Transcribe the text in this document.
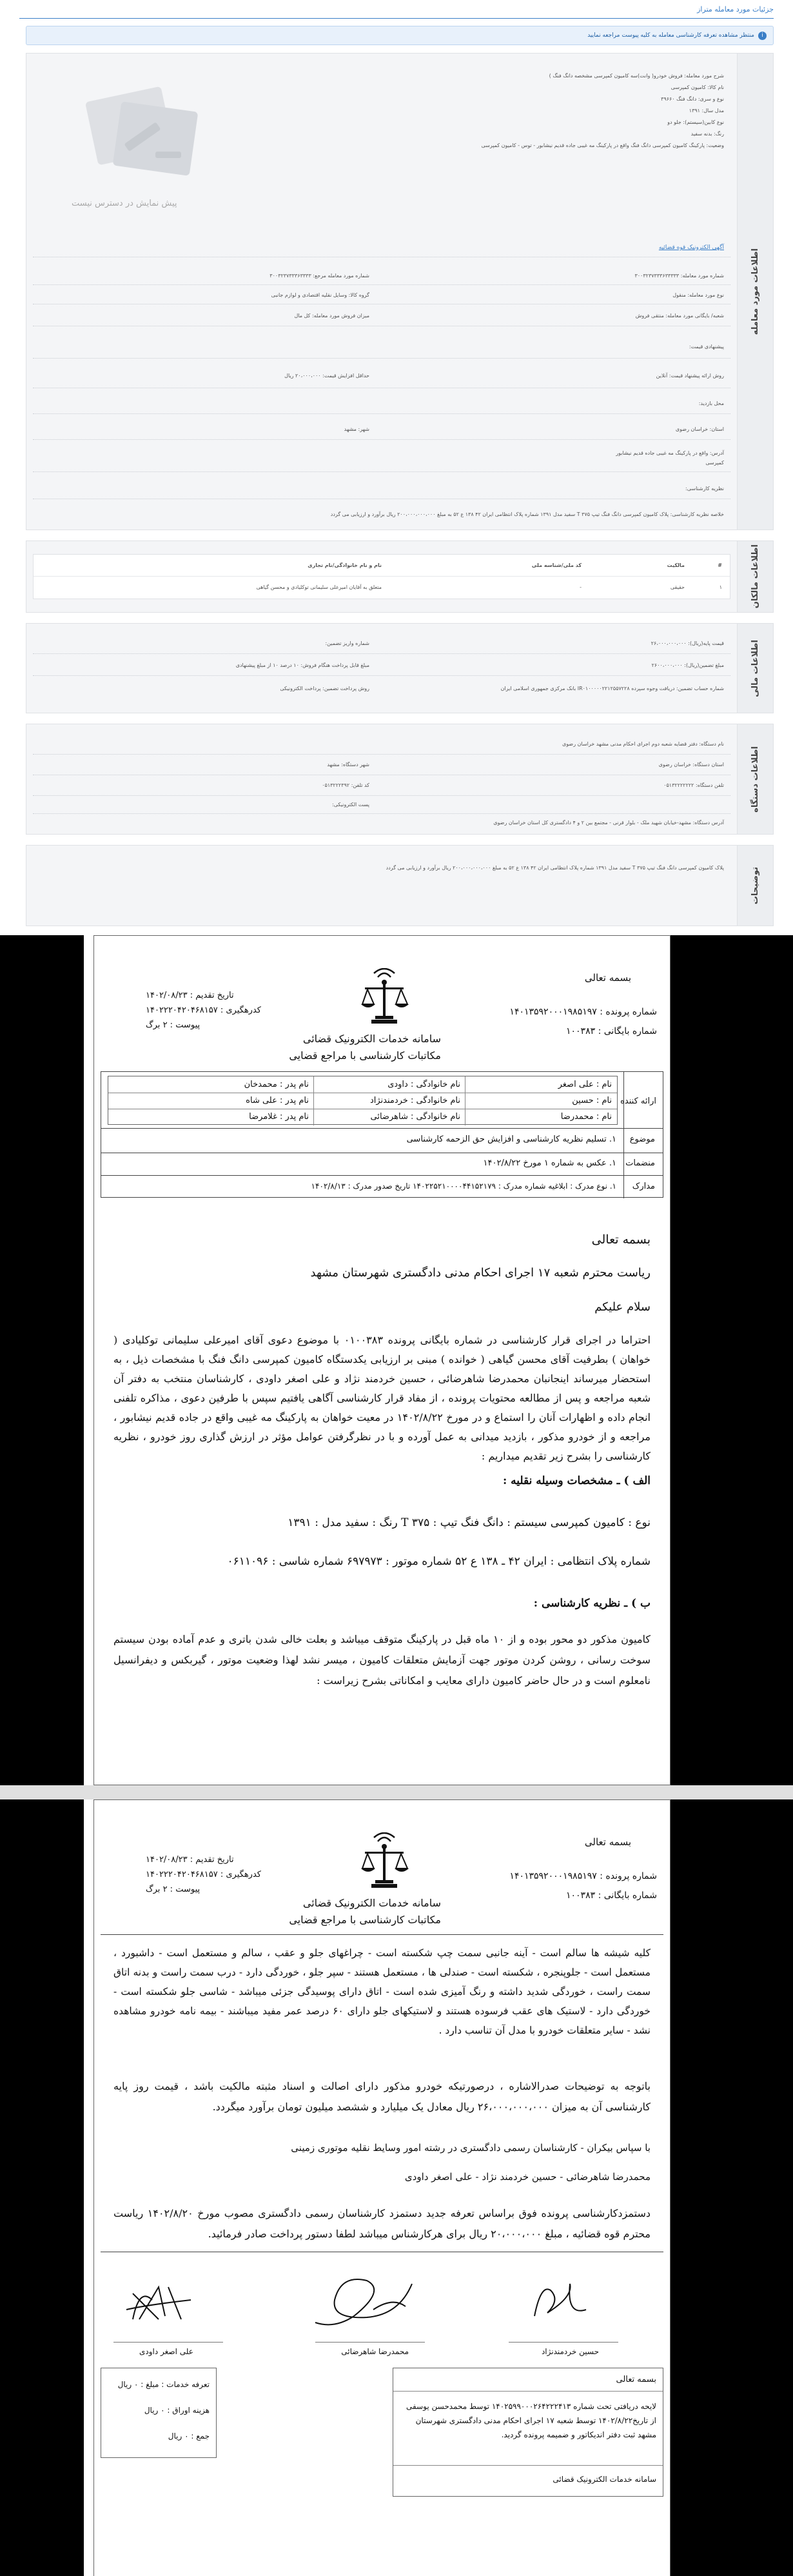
جزئیات مورد معامله متراز
منتظر مشاهده تعرفه کارشناسی معامله به کلیه پیوست مراجعه نمایید	i
اطلاعات مورد معامله
شرح مورد معامله: فروش خودرو( وانت)سه کامیون کمپرسی مشخصه دانگ فنگ )
نام کالا: کامیون کمپرسی
نوع و سری: دانگ فنگ ۳۹۶۶۰
مدل سال: ۱۳۹۱
نوع کابین(سیستم): جلو دو
رنگ: بدنه سفید
وضعیت: پارکینگ کامیون کمپرسی دانگ فنگ واقع در پارکینگ مه غیبی جاده قدیم نیشابور - توس - کامیون کمپرسی
پیش نمایش در دسترس نیست
آگهی الکترونیک قوه قضائیه
شماره مورد معامله: ۳۰۰۳۲۳۷۳۳۳۶۳۳۳۳۳
شماره مورد معامله مرجع: ۳۰۰۳۲۳۷۳۳۳۶۳۳۳۳
نوع مورد معامله: منقول
گروه کالا: وسایل نقلیه اقتصادی و لوازم جانبی
شعبه/ بایگانی مورد معامله: منتقی فروش
میزان فروش مورد معامله: کل مال
پیشنهادی قیمت:
روش ارائه پیشنهاد قیمت: آنلاین
حداقل افزایش قیمت: ۲۰،۰۰۰،۰۰۰ ریال
محل بازدید:
استان: خراسان رضوی
شهر: مشهد
آدرس: واقع در پارکینگ مه غیبی جاده قدیم نیشابور
کمپرسی
نظریه کارشناسی:
خلاصه نظریه کارشناسی: پلاک کامیون کمپرسی دانگ فنگ تیپ ۳۷۵ T سفید مدل ۱۳۹۱ شماره پلاک انتظامی ایران ۴۲ ۱۳۸ ع ۵۲ به مبلغ ۲۰۰،۰۰۰،۰۰۰،۰۰۰ ریال برآورد و ارزیابی می گردد
اطلاعات مالکان
#
مالکیت
کد ملی/شناسه ملی
نام و نام خانوادگی/نام تجاری
۱
حقیقی
-
متعلق به آقایان امیرعلی سلیمانی توکلیادی و محسن گیاهی
اطلاعات مالی
قیمت پایه(ریال): ۲۶،۰۰۰،۰۰۰،۰۰۰
شماره واریز تضمین:
مبلغ تضمین(ریال): ۲۶۰۰،۰۰۰،۰۰۰
مبلغ قابل پرداخت هنگام فروش: ۱۰ درصد ۱۰ از مبلغ پیشنهادی
شماره حساب تضمین: دریافت وجوه سپرده IR۰۱۰۰۰۰۰۲۲۱۲۵۵۷۲۲۸ بانک مرکزی جمهوری اسلامی ایران
روش پرداخت تضمین: پرداخت الکترونیکی
اطلاعات دستگاه
نام دستگاه: دفتر قضایه شعبه دوم اجرای احکام مدنی مشهد خراسان رضوی
استان دستگاه: خراسان رضوی
شهر دستگاه: مشهد
تلفن دستگاه: ۰۵۱۳۲۲۲۲۲۲۲
کد تلفن: ۰۵۱۳۲۲۲۳۹۲
پست الکترونیکی:
آدرس دستگاه: مشهد-خیابان شهید ملک - بلوار قرنی - مجتمع بین ۲ و ۴ دادگستری کل استان خراسان رضوی
توضیحات
پلاک کامیون کمپرسی دانگ فنگ تیپ ۳۷۵ T سفید مدل ۱۳۹۱ شماره پلاک انتظامی ایران ۴۲ ۱۳۸ ع ۵۲ به مبلغ ۲۰۰،۰۰۰،۰۰۰،۰۰۰ ریال برآورد و ارزیابی می گردد
بسمه تعالی
شماره پرونده : ۱۴۰۱۳۵۹۲۰۰۰۱۹۸۵۱۹۷
شماره بایگانی : ۱۰۰۳۸۳
سامانه خدمات الکترونیک قضائی
مکاتبات کارشناسی با مراجع قضایی
تاریخ تقدیم : ۱۴۰۲/۰۸/۲۳
کدرهگیری : ۱۴۰۲۲۲۰۴۲۰۴۶۸۱۵۷
پیوست : ۲ برگ
ارائه کننده
نام : علی اصغر
نام خانوادگی : داودی
نام پدر : محمدخان
نام : حسین
نام خانوادگی : خردمندنژاد
نام پدر : علی شاه
نام : محمدرضا
نام خانوادگی : شاهرضائی
نام پدر : غلامرضا
موضوع
۱. تسلیم نظریه کارشناسی و افزایش حق الزحمه کارشناسی
منضمات
۱. عکس به شماره ۱ مورخ ۱۴۰۲/۸/۲۲
مدارک
۱. نوع مدرک : ابلاغیه شماره مدرک : ۱۴۰۲۲۵۲۱۰۰۰۰۴۴۱۵۲۱۷۹ تاریخ صدور مدرک : ۱۴۰۲/۸/۱۳
بسمه تعالی
ریاست محترم شعبه ۱۷ اجرای احکام مدنی دادگستری شهرستان مشهد
سلام علیکم
احتراما در اجرای قرار کارشناسی در شماره بایگانی پرونده ۰۱۰۰۳۸۳ با موضوع دعوی آقای امیرعلی سلیمانی توکلیادی ( خواهان ) بطرفیت آقای محسن گیاهی ( خوانده ) مبنی بر ارزیابی یکدستگاه کامیون کمپرسی دانگ فنگ با مشخصات ذیل ، به استحضار میرساند اینجانبان محمدرضا شاهرضائی ، حسین خردمند نژاد و علی اصغر داودی ، کارشناسان منتخب به دفتر آن شعبه مراجعه و پس از مطالعه محتویات پرونده ، از مفاد قرار کارشناسی آگاهی یافتیم سپس با طرفین دعوی ، مذاکره تلفنی انجام داده و اظهارات آنان را استماع و در مورخ ۱۴۰۲/۸/۲۲ در معیت خواهان به پارکینگ مه غیبی واقع در جاده قدیم نیشابور ، مراجعه و از خودرو مذکور ، بازدید میدانی به عمل آورده و با در نظرگرفتن عوامل مؤثر در ارزش گذاری روز خودرو ، نظریه کارشناسی را بشرح زیر تقدیم میداریم :
الف ) ـ مشخصات وسیله نقلیه :
نوع : کامیون کمپرسی سیستم : دانگ فنگ تیپ : T ۳۷۵ رنگ : سفید مدل : ۱۳۹۱
شماره پلاک انتظامی : ایران ۴۲ ـ ۱۳۸ ع ۵۲ شماره موتور : ۶۹۷۹۷۳ شماره شاسی : ۰۶۱۱۰۹۶
ب ) ـ نظریه کارشناسی :
کامیون مذکور دو محور بوده و از ۱۰ ماه قبل در پارکینگ متوقف میباشد و بعلت خالی شدن باتری و عدم آماده بودن سیستم سوخت رسانی ، روشن کردن موتور جهت آزمایش متعلقات کامیون ، میسر نشد لهذا وضعیت موتور ، گیربکس و دیفرانسیل نامعلوم است و در حال حاضر کامیون دارای معایب و امکاناتی بشرح زیراست :
بسمه تعالی
شماره پرونده : ۱۴۰۱۳۵۹۲۰۰۰۱۹۸۵۱۹۷
شماره بایگانی : ۱۰۰۳۸۳
سامانه خدمات الکترونیک قضائی
مکاتبات کارشناسی با مراجع قضایی
تاریخ تقدیم : ۱۴۰۲/۰۸/۲۳
کدرهگیری : ۱۴۰۲۲۲۰۴۲۰۴۶۸۱۵۷
پیوست : ۲ برگ
کلیه شیشه ها سالم است - آینه جانبی سمت چپ شکسته است - چراغهای جلو و عقب ، سالم و مستعمل است - داشبورد ، مستعمل است - جلوپنجره ، شکسته است - صندلی ها ، مستعمل هستند - سپر جلو ، خوردگی دارد - درب سمت راست و بدنه اتاق سمت راست ، خوردگی شدید داشته و رنگ آمیزی شده است - اتاق دارای پوسیدگی جزئی میباشد - شاسی جلو شکسته است - خوردگی دارد - لاستیک های عقب فرسوده هستند و لاستیکهای جلو دارای ۶۰ درصد عمر مفید میباشند - بیمه نامه خودرو مشاهده نشد - سایر متعلقات خودرو با مدل آن تناسب دارد .
باتوجه به توضیحات صدرالاشاره ، درصورتیکه خودرو مذکور دارای اصالت و اسناد مثبته مالکیت باشد ، قیمت روز پایه کارشناسی آن به میزان ۲۶،۰۰۰،۰۰۰،۰۰۰ ریال معادل یک میلیارد و ششصد میلیون تومان برآورد میگردد.
با سپاس بیکران - کارشناسان رسمی دادگستری در رشته امور وسایط نقلیه موتوری زمینی
محمدرضا شاهرضائی - حسین خردمند نژاد - علی اصغر داودی
دستمزدکارشناسی پرونده فوق براساس تعرفه جدید دستمزد کارشناسان رسمی دادگستری مصوب مورخ ۱۴۰۲/۸/۲۰ ریاست محترم قوه قضائیه ، مبلغ ۲۰،۰۰۰،۰۰۰ ریال برای هرکارشناس میباشد لطفا دستور پرداخت صادر فرمائید.
حسین خردمندنژاد
محمدرضا شاهرضائی
علی اصغر داودی
بسمه تعالی
لایحه دریافتی تحت شماره ۱۴۰۲۵۹۹۰۰۰۲۶۴۲۲۲۴۱۳ توسط محمدحسن یوسفی از تاریخ۱۴۰۲/۸/۲۲ توسط شعبه ۱۷ اجرای احکام مدنی دادگستری شهرستان مشهد ثبت دفتر اندیکاتور و ضمیمه پرونده گردید.
سامانه خدمات الکترونیک قضائی
تعرفه خدمات : مبلغ : ۰ ریال
هزینه اوراق : ۰ ریال
جمع : ۰ ریال
